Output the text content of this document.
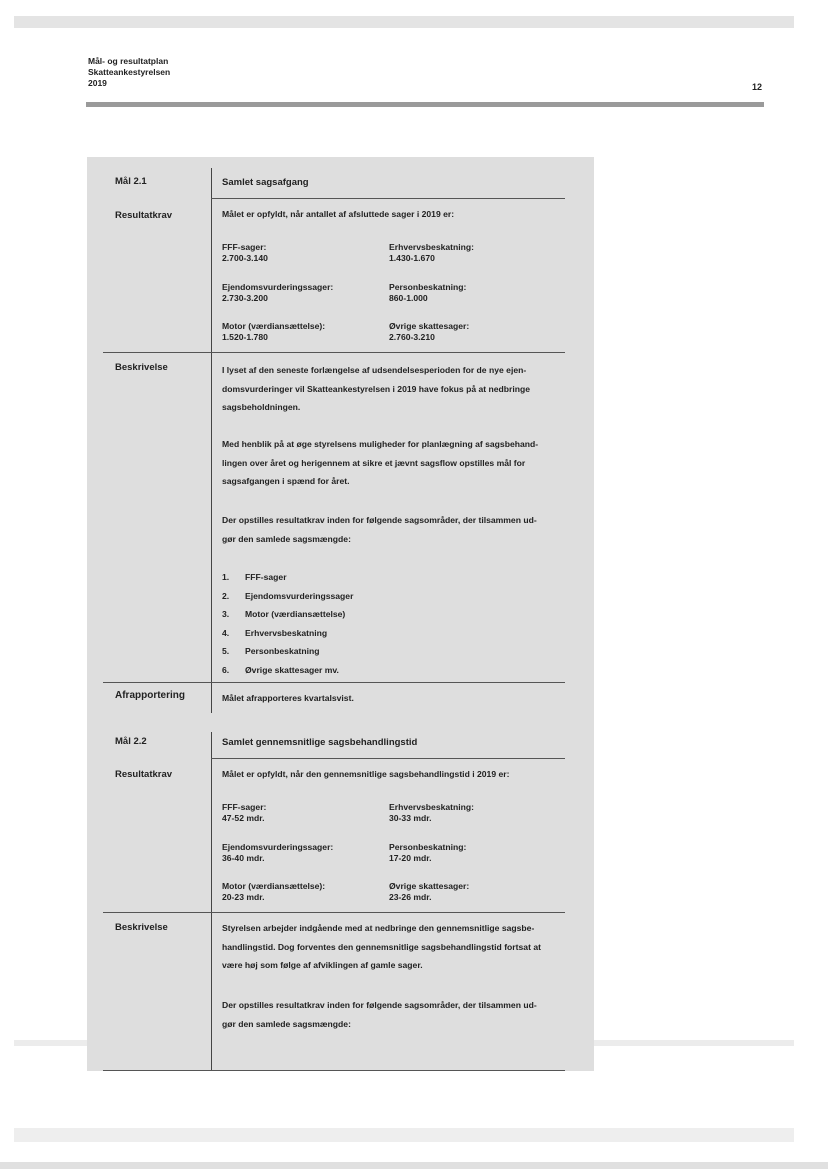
Mål- og resultatplan
Skatteankestyrelsen
2019	12
Mål 2.1	Samlet sagsafgang
Resultatkrav	Målet er opfyldt, når antallet af afsluttede sager i 2019 er:
FFF-sager:
2.700-3.140
Erhvervsbeskatning:
1.430-1.670
Ejendomsvurderingssager:
2.730-3.200
Personbeskatning:
860-1.000
Motor (værdiansættelse):
1.520-1.780
Øvrige skattesager:
2.760-3.210
Beskrivelse	I lyset af den seneste forlængelse af udsendelsesperioden for de nye ejen-
domsvurderinger vil Skatteankestyrelsen i 2019 have fokus på at nedbringe
sagsbeholdningen.
Med henblik på at øge styrelsens muligheder for planlægning af sagsbehand-
lingen over året og herigennem at sikre et jævnt sagsflow opstilles mål for
sagsafgangen i spænd for året.
Der opstilles resultatkrav inden for følgende sagsområder, der tilsammen ud-
gør den samlede sagsmængde:
1.	FFF-sager
2.	Ejendomsvurderingssager
3.	Motor (værdiansættelse)
4.	Erhvervsbeskatning
5.	Personbeskatning
6.	Øvrige skattesager mv.
Afrapportering	Målet afrapporteres kvartalsvist.
Mål 2.2	Samlet gennemsnitlige sagsbehandlingstid
Resultatkrav	Målet er opfyldt, når den gennemsnitlige sagsbehandlingstid i 2019 er:
FFF-sager:
47-52 mdr.
Erhvervsbeskatning:
30-33 mdr.
Ejendomsvurderingssager:
36-40 mdr.
Personbeskatning:
17-20 mdr.
Motor (værdiansættelse):
20-23 mdr.
Øvrige skattesager:
23-26 mdr.
Beskrivelse	Styrelsen arbejder indgående med at nedbringe den gennemsnitlige sagsbe-
handlingstid. Dog forventes den gennemsnitlige sagsbehandlingstid fortsat at
være høj som følge af afviklingen af gamle sager.
Der opstilles resultatkrav inden for følgende sagsområder, der tilsammen ud-
gør den samlede sagsmængde:
